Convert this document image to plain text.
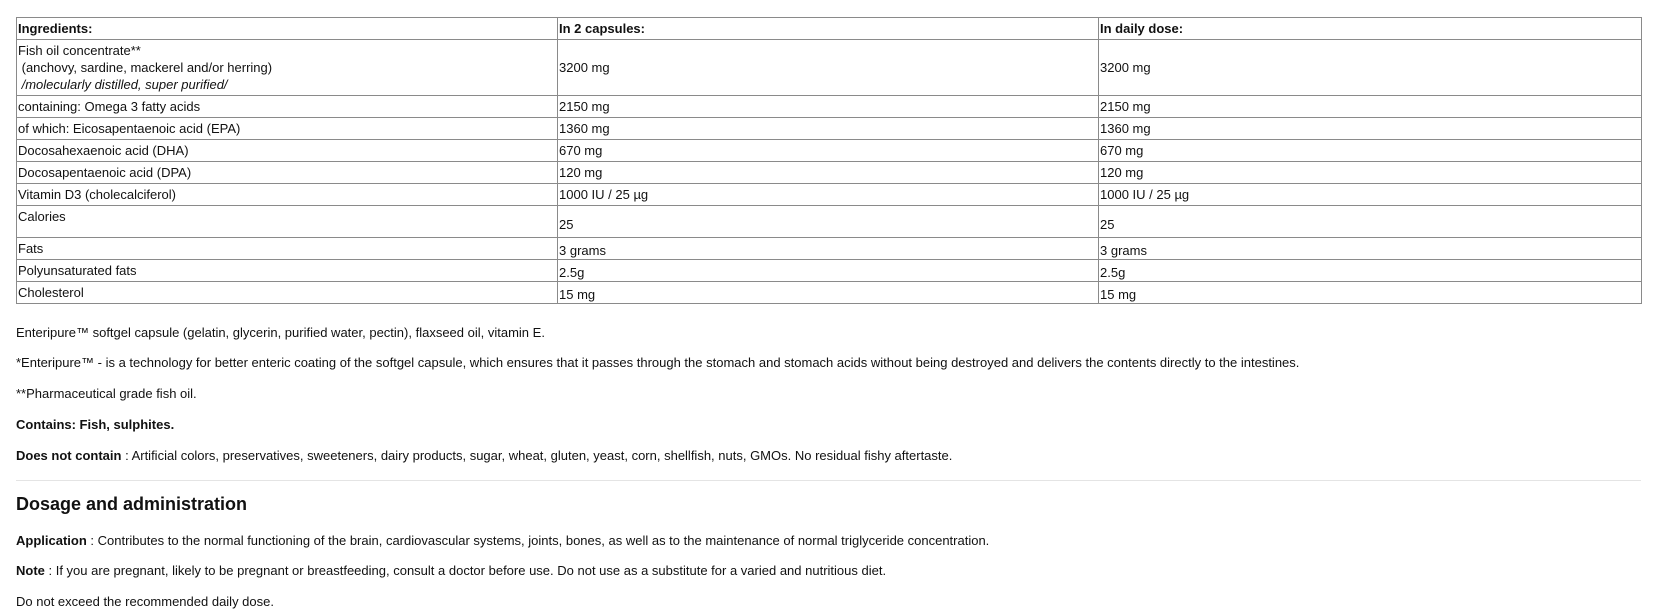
Ingredients:	In 2 capsules:	In daily dose:

Fish oil concentrate**
(anchovy, sardine, mackerel and/or herring)
/molecularly distilled, super purified/	3200 mg	3200 mg
containing: Omega 3 fatty acids	2150 mg	2150 mg
of which: Eicosapentaenoic acid (EPA)	1360 mg	1360 mg
Docosahexaenoic acid (DHA)	670 mg	670 mg
Docosapentaenoic acid (DPA)	120 mg	120 mg
Vitamin D3 (cholecalciferol)	1000 IU / 25 µg	1000 IU / 25 µg
Calories	25	25
Fats	3 grams	3 grams
Polyunsaturated fats	2.5g	2.5g
Cholesterol	15 mg	15 mg
Enteripure™ softgel capsule (gelatin, glycerin, purified water, pectin), flaxseed oil, vitamin E.
*Enteripure™ - is a technology for better enteric coating of the softgel capsule, which ensures that it passes through the stomach and stomach acids without being destroyed and delivers the contents directly to the intestines.
**Pharmaceutical grade fish oil.
Contains: Fish, sulphites.
Does not contain : Artificial colors, preservatives, sweeteners, dairy products, sugar, wheat, gluten, yeast, corn, shellfish, nuts, GMOs. No residual fishy aftertaste.
Dosage and administration
Application : Contributes to the normal functioning of the brain, cardiovascular systems, joints, bones, as well as to the maintenance of normal triglyceride concentration.
Note : If you are pregnant, likely to be pregnant or breastfeeding, consult a doctor before use. Do not use as a substitute for a varied and nutritious diet.
Do not exceed the recommended daily dose.
